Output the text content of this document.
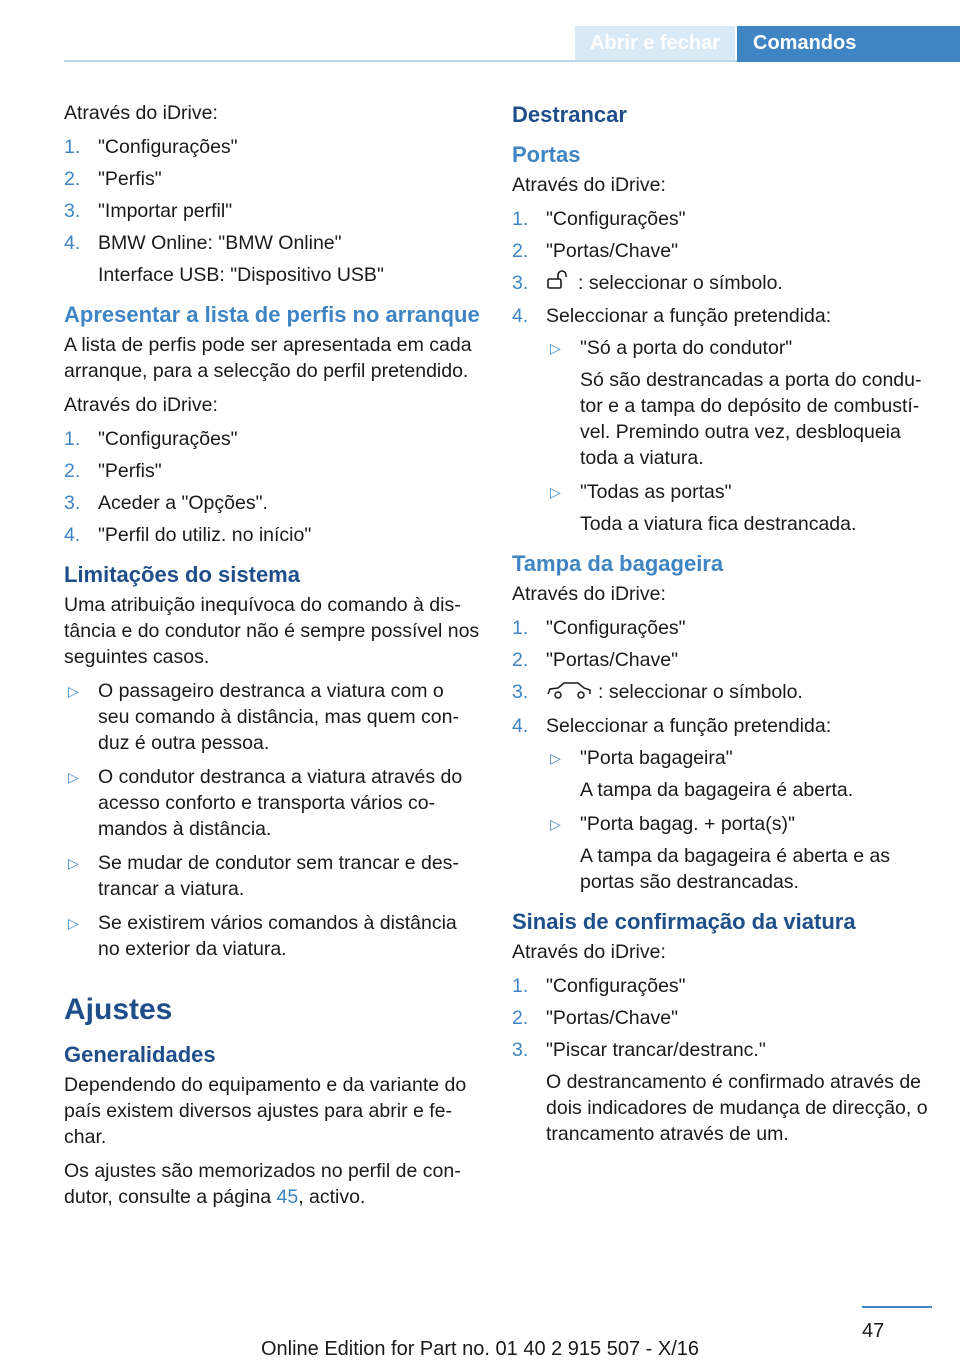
Abrir e fechar	Comandos

Através do iDrive:

1. "Configurações"
2. "Perfis"
3. "Importar perfil"
4. BMW Online: "BMW Online"
Interface USB: "Dispositivo USB"
Apresentar a lista de perfis no arranque

A lista de perfis pode ser apresentada em cada arranque, para a selecção do perfil pretendido.

Através do iDrive:

1. "Configurações"
2. "Perfis"
3. Aceder a "Opções".
4. "Perfil do utiliz. no início"
Limitações do sistema

Uma atribuição inequívoca do comando à distância e do condutor não é sempre possível nos seguintes casos.

▷ O passageiro destranca a viatura com o seu comando à distância, mas quem conduz é outra pessoa.
▷ O condutor destranca a viatura através do acesso conforto e transporta vários comandos à distância.
▷ Se mudar de condutor sem trancar e destrancar a viatura.
▷ Se existirem vários comandos à distância no exterior da viatura.
Ajustes
Generalidades

Dependendo do equipamento e da variante do país existem diversos ajustes para abrir e fechar.

Os ajustes são memorizados no perfil de condutor, consulte a página 45, activo.

Destrancar
Portas

Através do iDrive:

1. "Configurações"
2. "Portas/Chave"
3.	: seleccionar o símbolo.
4. Seleccionar a função pretendida:
▷ "Só a porta do condutor"
Só são destrancadas a porta do condutor e a tampa do depósito de combustível. Premindo outra vez, desbloqueia toda a viatura.
▷ "Todas as portas"
Toda a viatura fica destrancada.
Tampa da bagageira

Através do iDrive:

1. "Configurações"
2. "Portas/Chave"
3.	: seleccionar o símbolo.
4. Seleccionar a função pretendida:
▷ "Porta bagageira"
A tampa da bagageira é aberta.
▷ "Porta bagag. + porta(s)"
A tampa da bagageira é aberta e as portas são destrancadas.
Sinais de confirmação da viatura

Através do iDrive:

1. "Configurações"
2. "Portas/Chave"
3. "Piscar trancar/destranc."
O destrancamento é confirmado através de dois indicadores de mudança de direcção, o trancamento através de um.
47
Online Edition for Part no. 01 40 2 915 507 - X/16
